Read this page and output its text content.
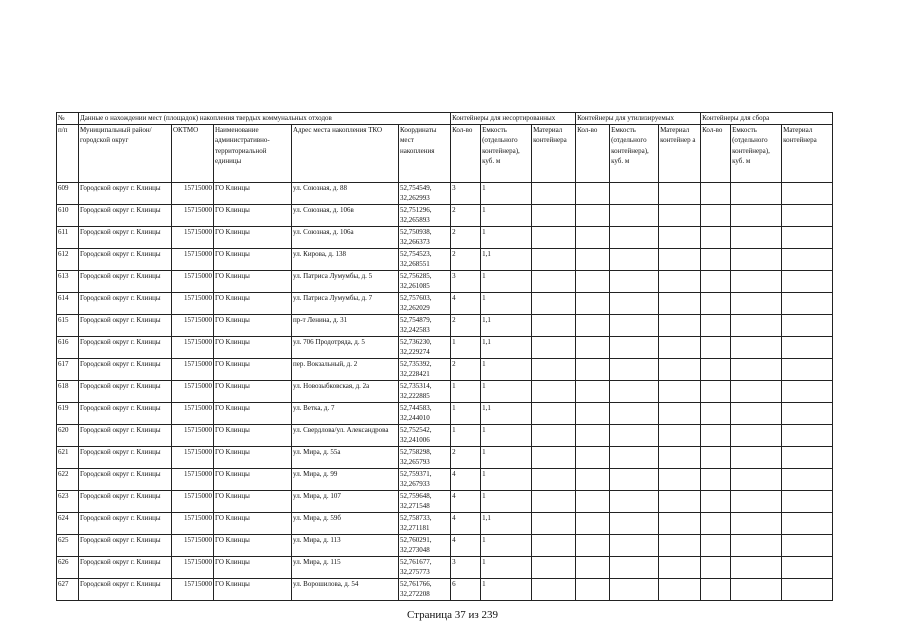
№	Данные о нахождении мест (площадок) накопления твердых коммунальных отходов					Контейнеры для несортированных			Контейнеры для утилизируемых			Контейнеры для сбора		
п/п	Муниципальный район/городской округ	ОКТМО	Наименование административно-территориальной единицы	Адрес места накопления ТКО	Координаты мест накопления	Кол-во	Емкость (отдельного контейнера), куб. м	Материал контейнера	Кол-во	Емкость (отдельного контейнера), куб. м	Материал контейнер а	Кол-во	Емкость (отдельного контейнера), куб. м	Материал контейнера
609	Городской округ г. Клинцы	15715000	ГО Клинцы	ул. Союзная, д. 88	52,754549, 32,262993	3	1							
610	Городской округ г. Клинцы	15715000	ГО Клинцы	ул. Союзная, д. 106в	52,751296, 32,265893	2	1							
611	Городской округ г. Клинцы	15715000	ГО Клинцы	ул. Союзная, д. 106а	52,750938, 32,266373	2	1							
612	Городской округ г. Клинцы	15715000	ГО Клинцы	ул. Кирова, д. 138	52,754523, 32,268551	2	1,1							
613	Городской округ г. Клинцы	15715000	ГО Клинцы	ул. Патриса Лумумбы, д. 5	52,756285, 32,261085	3	1							
614	Городской округ г. Клинцы	15715000	ГО Клинцы	ул. Патриса Лумумбы, д. 7	52,757603, 32,262029	4	1							
615	Городской округ г. Клинцы	15715000	ГО Клинцы	пр-т Ленина, д. 31	52,754879, 32,242583	2	1,1							
616	Городской округ г. Клинцы	15715000	ГО Клинцы	ул. 706 Продотряда, д. 5	52,736230, 32,229274	1	1,1							
617	Городской округ г. Клинцы	15715000	ГО Клинцы	пер. Вокзальный, д. 2	52,735392, 32,228421	2	1							
618	Городской округ г. Клинцы	15715000	ГО Клинцы	ул. Новозыбковская, д. 2а	52,735314, 32,222885	1	1							
619	Городской округ г. Клинцы	15715000	ГО Клинцы	ул. Ветка, д. 7	52,744583, 32,244010	1	1,1							
620	Городской округ г. Клинцы	15715000	ГО Клинцы	ул. Свердлова/ул. Александрова	52,752542, 32,241006	1	1							
621	Городской округ г. Клинцы	15715000	ГО Клинцы	ул. Мира, д. 55а	52,758298, 32,265793	2	1							
622	Городской округ г. Клинцы	15715000	ГО Клинцы	ул. Мира, д. 99	52,759371, 32,267933	4	1							
623	Городской округ г. Клинцы	15715000	ГО Клинцы	ул. Мира, д. 107	52,759648, 32,271548	4	1							
624	Городской округ г. Клинцы	15715000	ГО Клинцы	ул. Мира, д. 59б	52,758733, 32,271181	4	1,1							
625	Городской округ г. Клинцы	15715000	ГО Клинцы	ул. Мира, д. 113	52,760291, 32,273048	4	1							
626	Городской округ г. Клинцы	15715000	ГО Клинцы	ул. Мира, д. 115	52,761677, 32,275773	3	1							
627	Городской округ г. Клинцы	15715000	ГО Клинцы	ул. Ворошилова, д. 54	52,761766, 32,272208	6	1							
Страница 37 из 239
